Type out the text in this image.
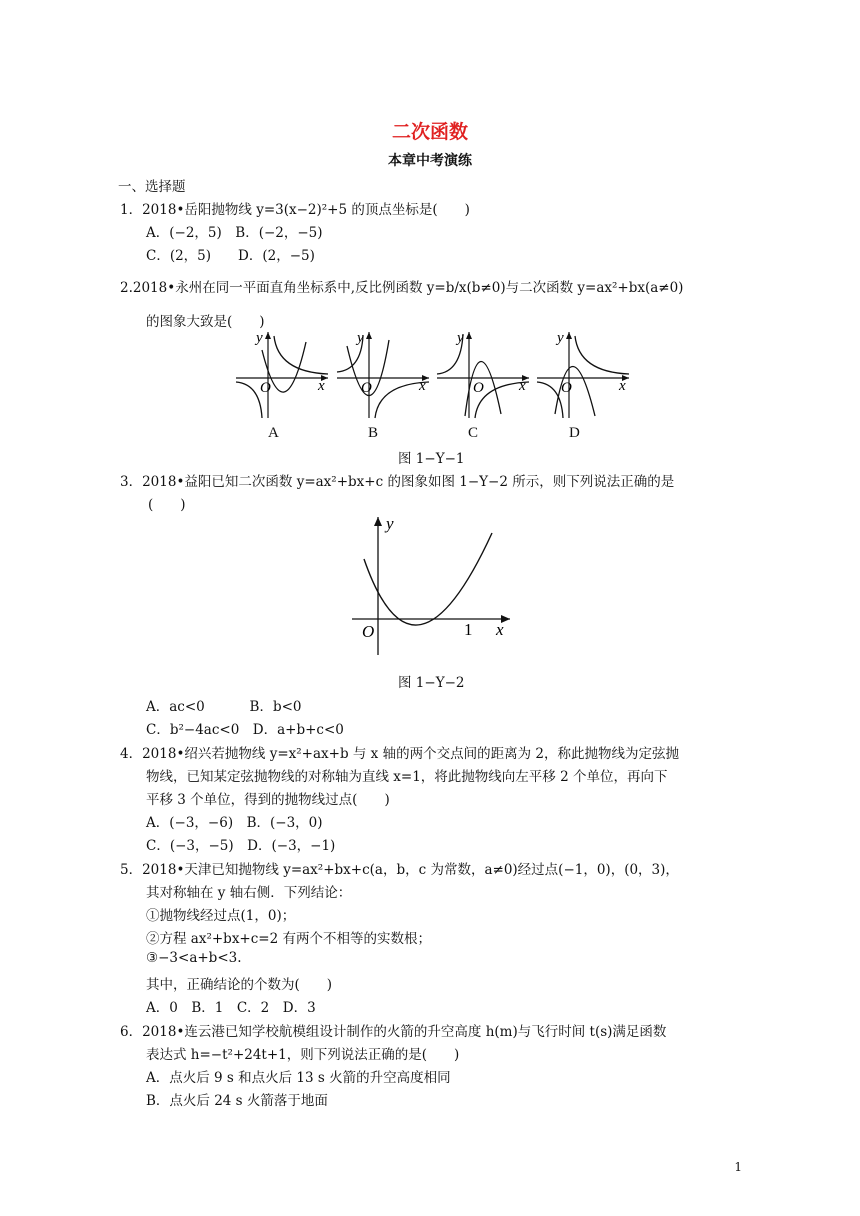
二次函数
本章中考演练
一、选择题
1．2018•岳阳抛物线 y=3(x−2)²+5 的顶点坐标是(　　)
A．(−2，5)　B．(−2，−5)
C．(2，5)　　D．(2，−5)
2.2018•永州在同一平面直角坐标系中,反比例函数 y=b/x(b≠0)与二次函数 y=ax²+bx(a≠0)
的图象大致是(　　)
O	x
y
O	x
y
O x
y
O	x
y
A	B	C	D
图 1−Y−1
3．2018•益阳已知二次函数 y=ax²+bx+c 的图象如图 1−Y−2 所示，则下列说法正确的是
(　　)
O	1 x
y
图 1−Y−2
A．ac<0　　　 B．b<0
C．b²−4ac<0　D．a+b+c<0
4．2018•绍兴若抛物线 y=x²+ax+b 与 x 轴的两个交点间的距离为 2，称此抛物线为定弦抛
物线，已知某定弦抛物线的对称轴为直线 x=1，将此抛物线向左平移 2 个单位，再向下
平移 3 个单位，得到的抛物线过点(　　)
A．(−3，−6)　B．(−3，0)
C．(−3，−5)　D．(−3，−1)
5．2018•天津已知抛物线 y=ax²+bx+c(a，b，c 为常数，a≠0)经过点(−1，0)，(0，3)，
其对称轴在 y 轴右侧．下列结论：
①抛物线经过点(1，0)；
②方程 ax²+bx+c=2 有两个不相等的实数根；
③−3<a+b<3.
其中，正确结论的个数为(　　)
A．0　B．1　C．2　D．3
6．2018•连云港已知学校航模组设计制作的火箭的升空高度 h(m)与飞行时间 t(s)满足函数
表达式 h=−t²+24t+1，则下列说法正确的是(　　)
A．点火后 9 s 和点火后 13 s 火箭的升空高度相同
B．点火后 24 s 火箭落于地面
1
